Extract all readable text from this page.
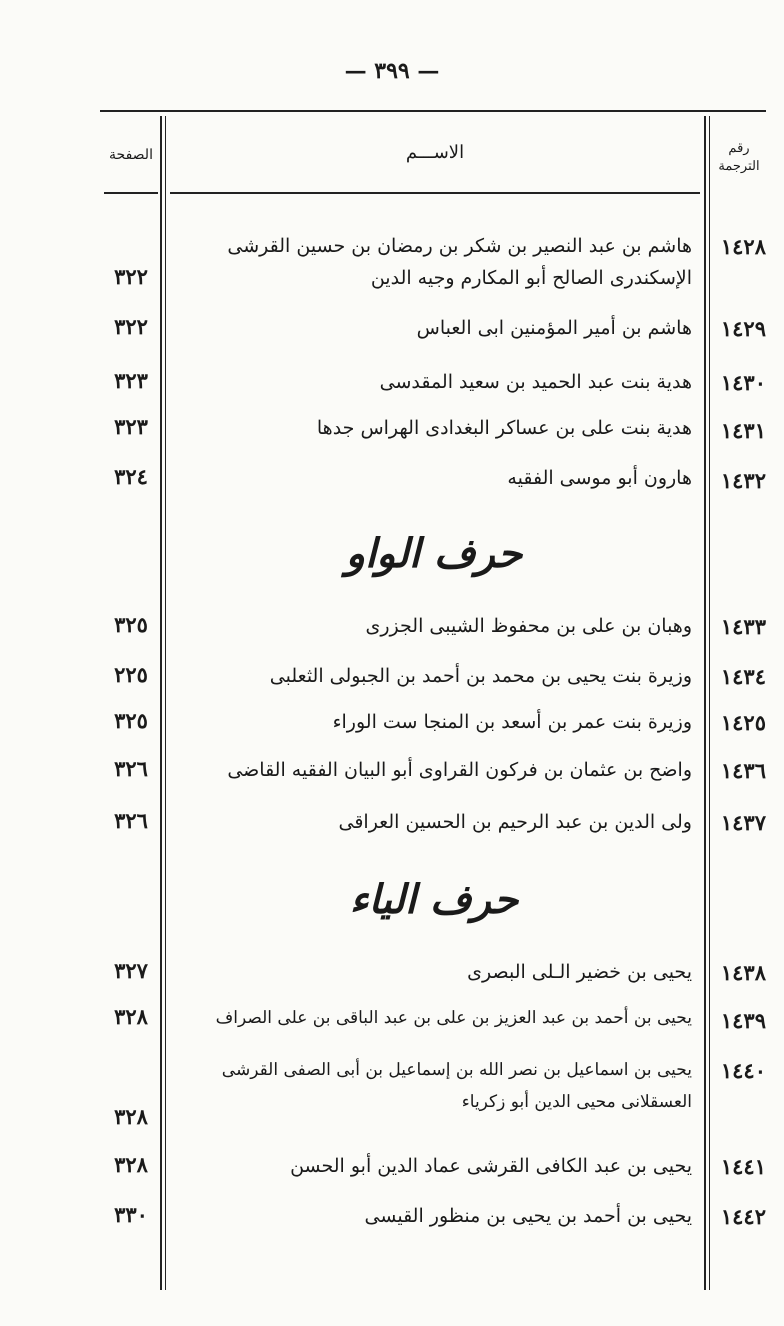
— ٣٩٩ —
رقم الترجمة
الاســـم
الصفحة
١٤٢٨
هاشم بن عبد النصير بن شكر بن رمضان بن حسين القرشى الإسكندرى الصالح أبو المكارم وجيه الدين
٣٢٢
١٤٢٩
هاشم بن أمير المؤمنين ابى العباس
٣٢٢
١٤٣٠
هدية بنت عبد الحميد بن سعيد المقدسى
٣٢٣
١٤٣١
هدية بنت على بن عساكر البغدادى الهراس جدها
٣٢٣
١٤٣٢
هارون أبو موسى الفقيه
٣٢٤
حرف الواو
١٤٣٣
وهبان بن على بن محفوظ الشيبى الجزرى
٣٢٥
١٤٣٤
وزيرة بنت يحيى بن محمد بن أحمد بن الجبولى الثعلبى
٢٢٥
١٤٢٥
وزيرة بنت عمر بن أسعد بن المنجا ست الوراء
٣٢٥
١٤٣٦
واضح بن عثمان بن فركون القراوى أبو البيان الفقيه القاضى
٣٢٦
١٤٣٧
ولى الدين بن عبد الرحيم بن الحسين العراقى
٣٢٦
حرف الياء
١٤٣٨
يحيى بن خضير الـلى البصرى
٣٢٧
١٤٣٩
يحيى بن أحمد بن عبد العزيز بن على بن عبد الباقى بن على الصراف
٣٢٨
١٤٤٠
يحيى بن اسماعيل بن نصر الله بن إسماعيل بن أبى الصفى القرشى العسقلانى محيى الدين أبو زكرياء
٣٢٨
١٤٤١
يحيى بن عبد الكافى القرشى عماد الدين أبو الحسن
٣٢٨
١٤٤٢
يحيى بن أحمد بن يحيى بن منظور القيسى
٣٣٠
